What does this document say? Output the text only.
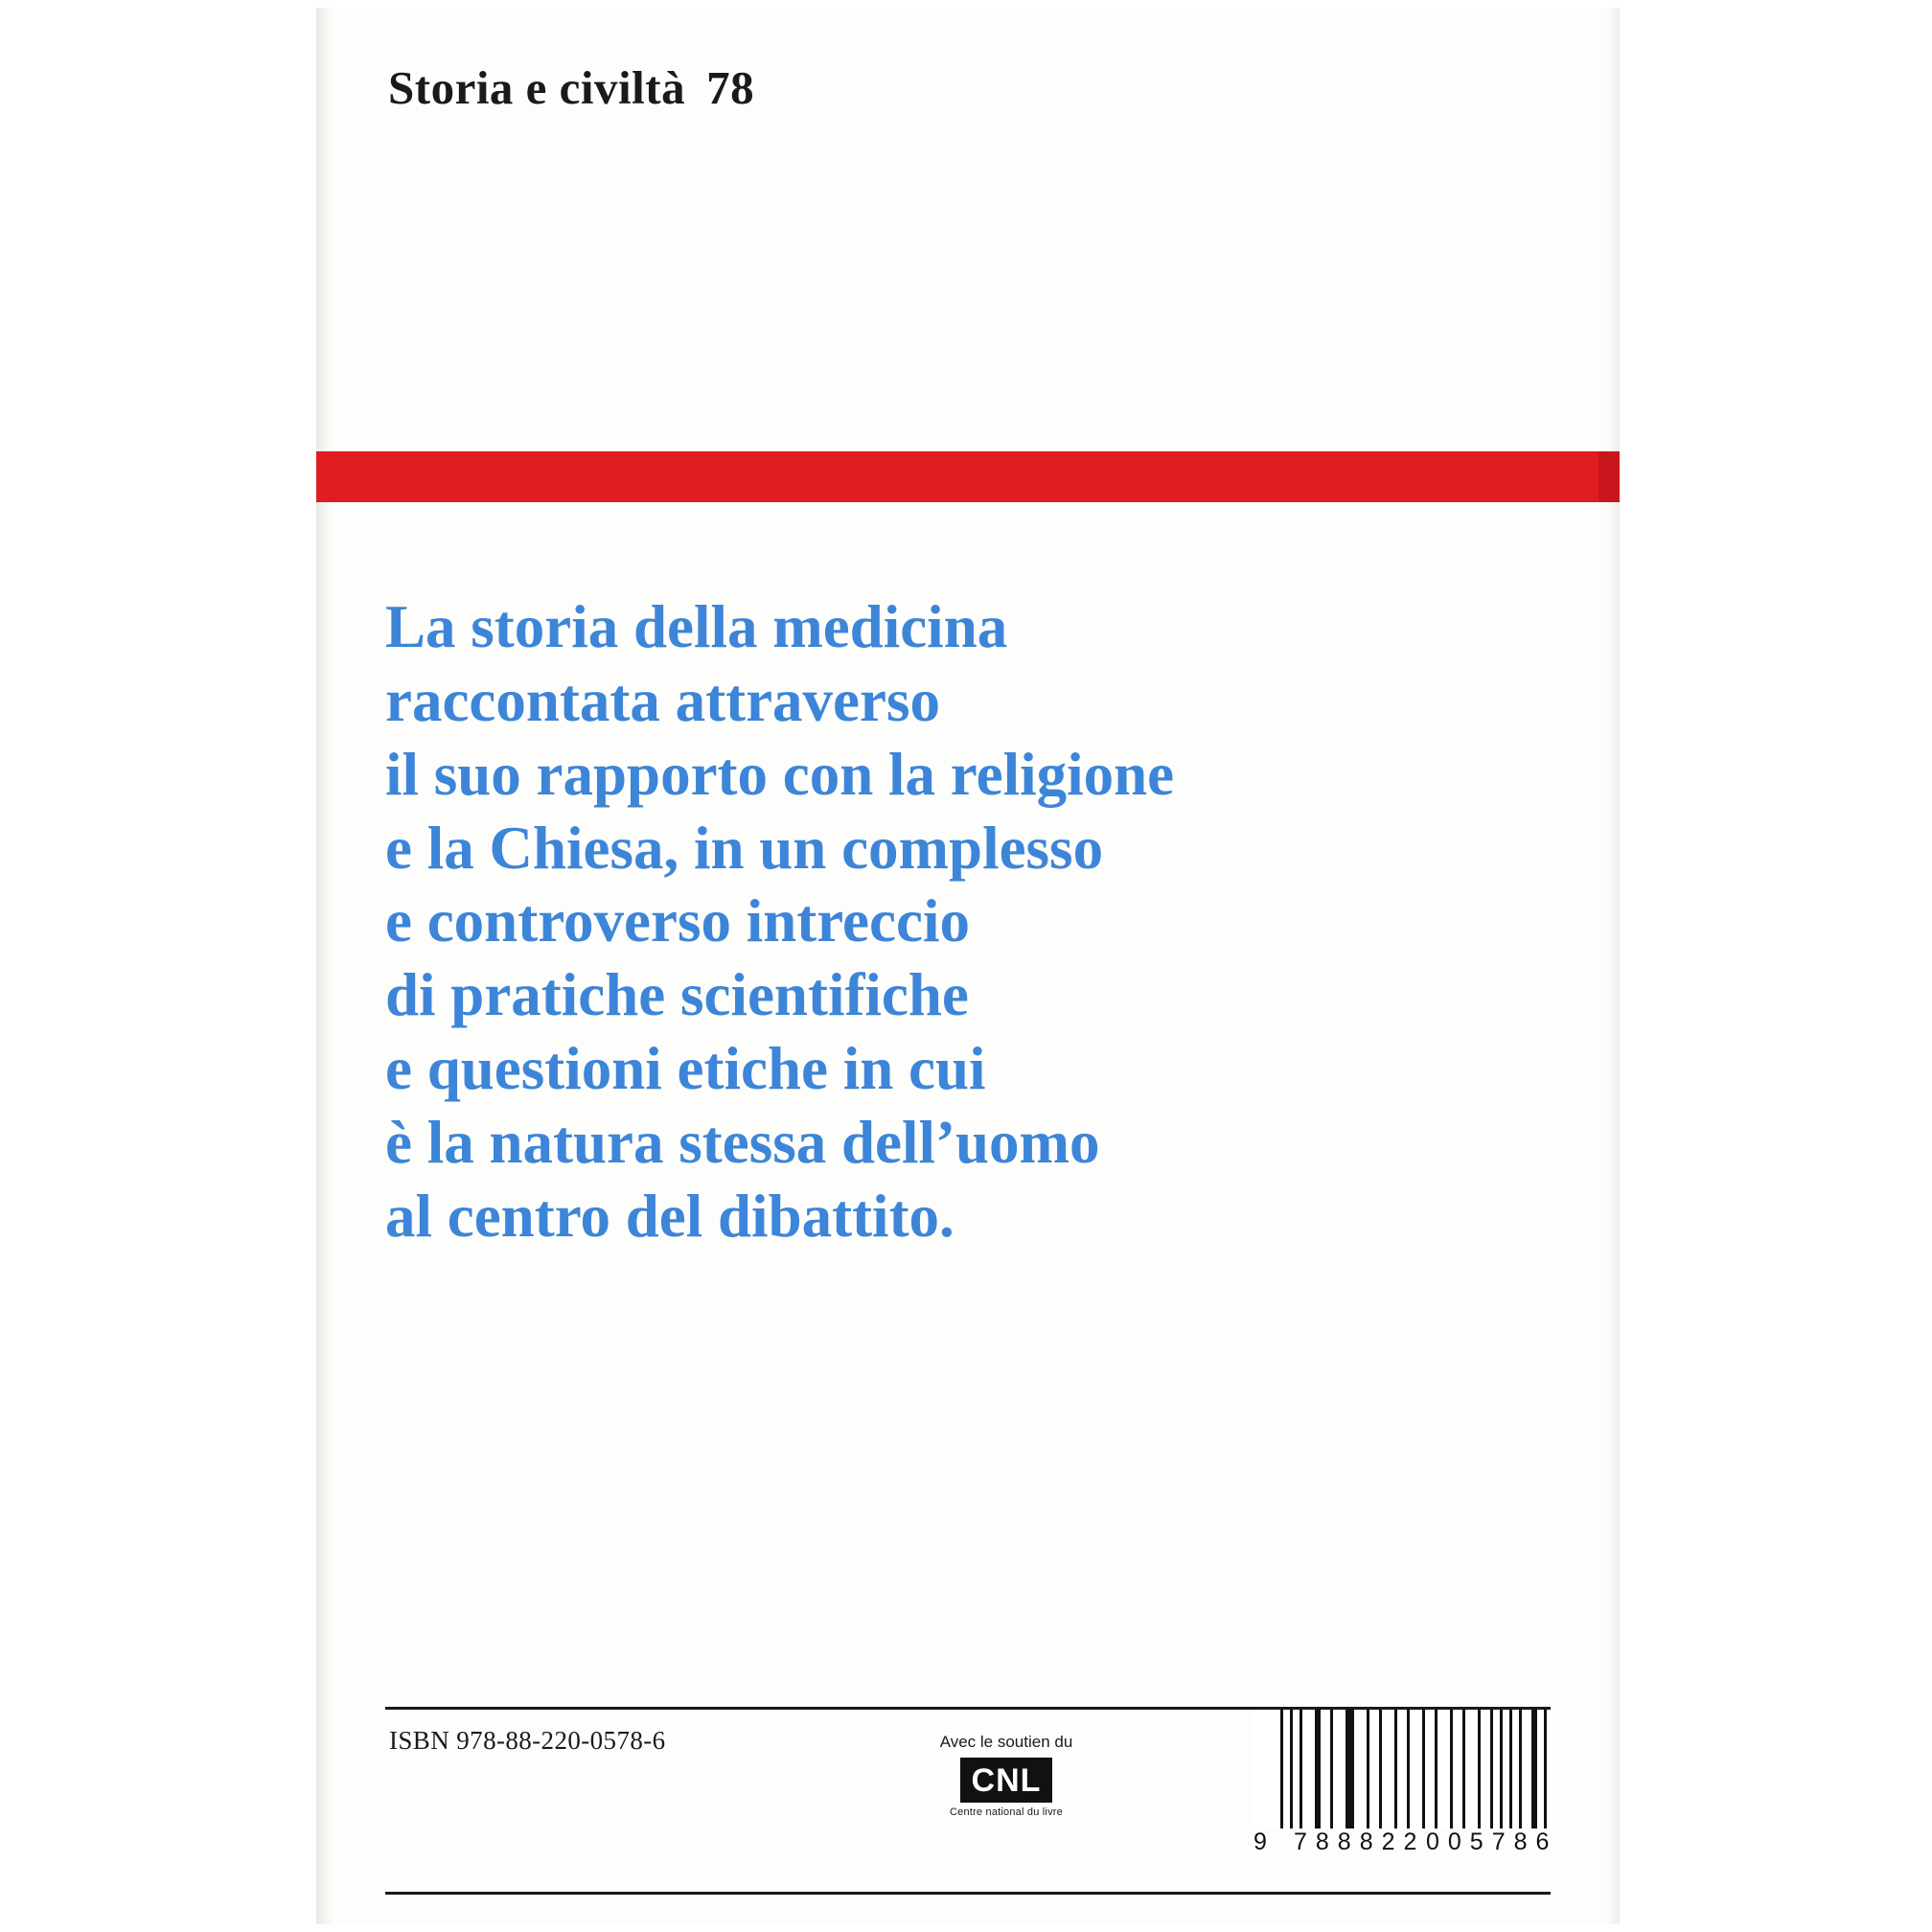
Storia e civiltà 78
La storia della medicina
raccontata attraverso
il suo rapporto con la religione
e la Chiesa, in un complesso
e controverso intreccio
di pratiche scientifiche
e questioni etiche in cui
è la natura stessa dell’uomo
al centro del dibattito.
ISBN 978-88-220-0578-6	Avec le soutien du
CNL
Centre national du livre
9 788822 005786
